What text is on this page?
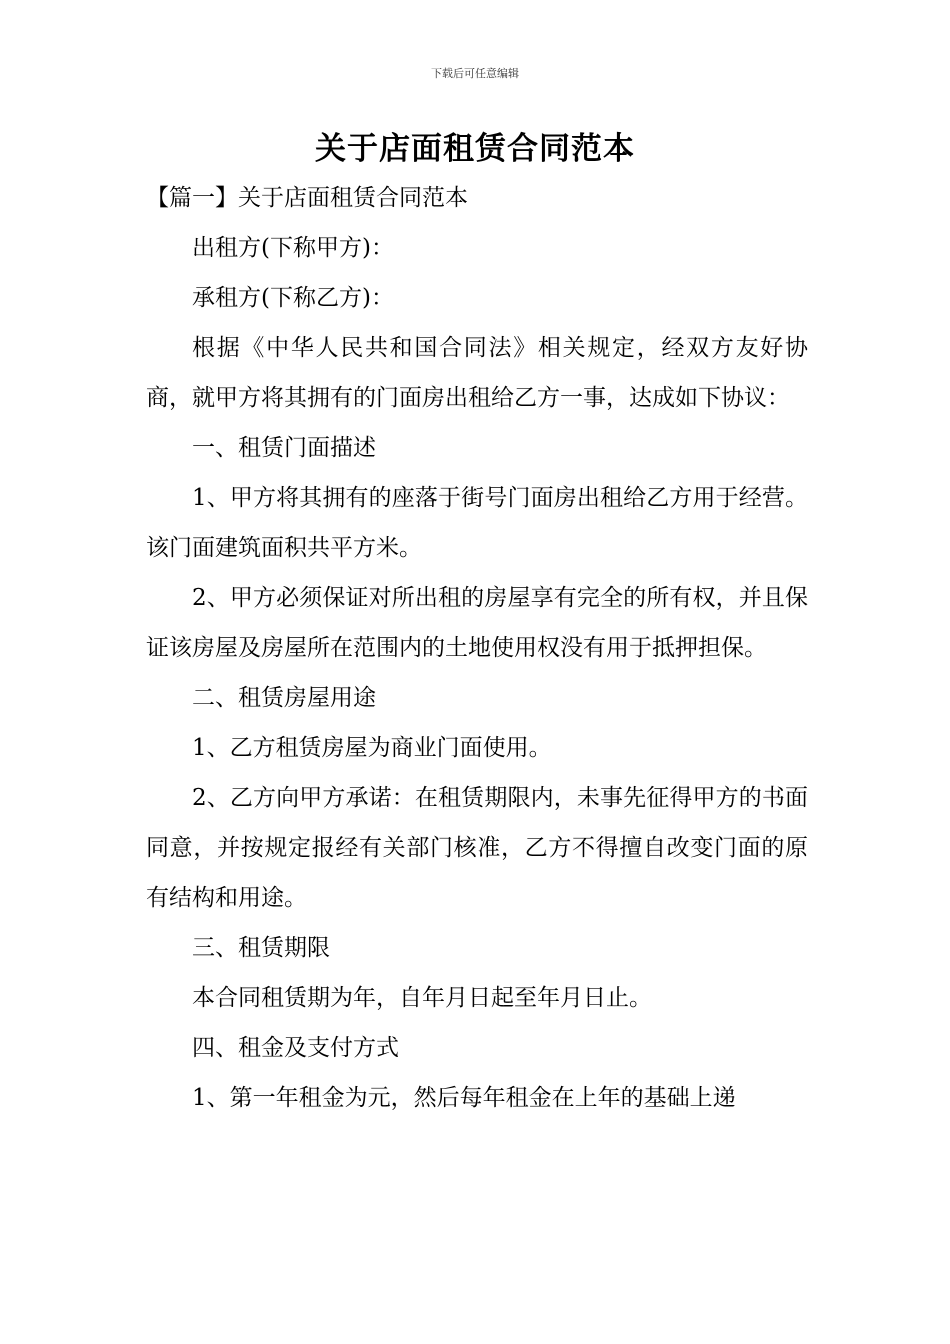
下载后可任意编辑
关于店面租赁合同范本

【篇一】关于店面租赁合同范本

出租方(下称甲方)：

承租方(下称乙方)：

根据《中华人民共和国合同法》相关规定，经双方友好协商，就甲方将其拥有的门面房出租给乙方一事，达成如下协议：

一、租赁门面描述

1、甲方将其拥有的座落于街号门面房出租给乙方用于经营。该门面建筑面积共平方米。

2、甲方必须保证对所出租的房屋享有完全的所有权，并且保证该房屋及房屋所在范围内的土地使用权没有用于抵押担保。

二、租赁房屋用途

1、乙方租赁房屋为商业门面使用。

2、乙方向甲方承诺：在租赁期限内，未事先征得甲方的书面同意，并按规定报经有关部门核准，乙方不得擅自改变门面的原有结构和用途。

三、租赁期限

本合同租赁期为年，自年月日起至年月日止。

四、租金及支付方式

1、第一年租金为元，然后每年租金在上年的基础上递
